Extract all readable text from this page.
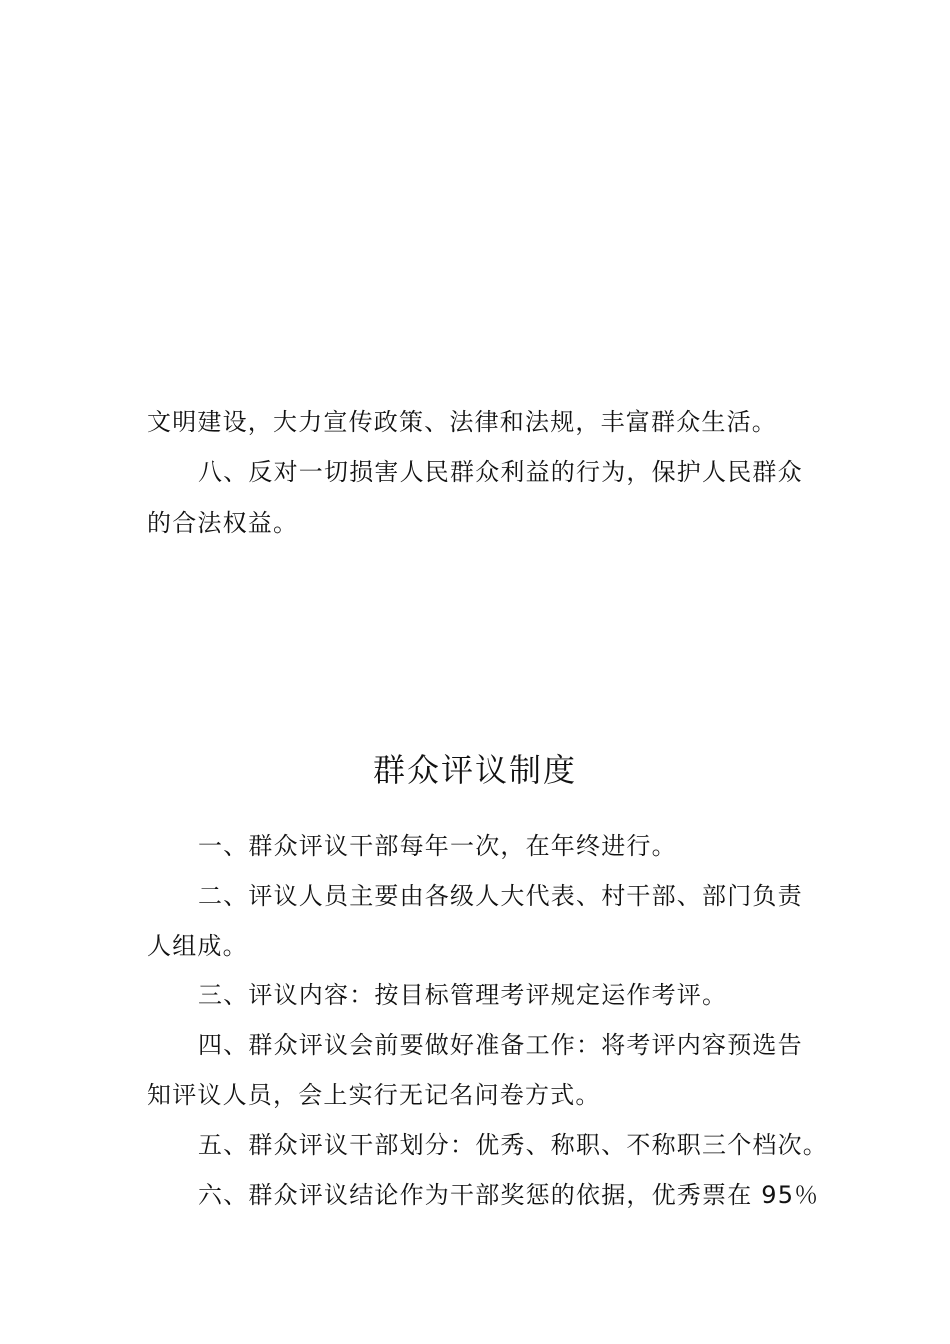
文明建设，大力宣传政策、法律和法规，丰富群众生活。
八、反对一切损害人民群众利益的行为，保护人民群众
的合法权益。
群众评议制度
一、群众评议干部每年一次，在年终进行。
二、评议人员主要由各级人大代表、村干部、部门负责
人组成。
三、评议内容：按目标管理考评规定运作考评。
四、群众评议会前要做好准备工作：将考评内容预选告
知评议人员，会上实行无记名问卷方式。
五、群众评议干部划分：优秀、称职、不称职三个档次。
六、群众评议结论作为干部奖惩的依据，优秀票在 95％
